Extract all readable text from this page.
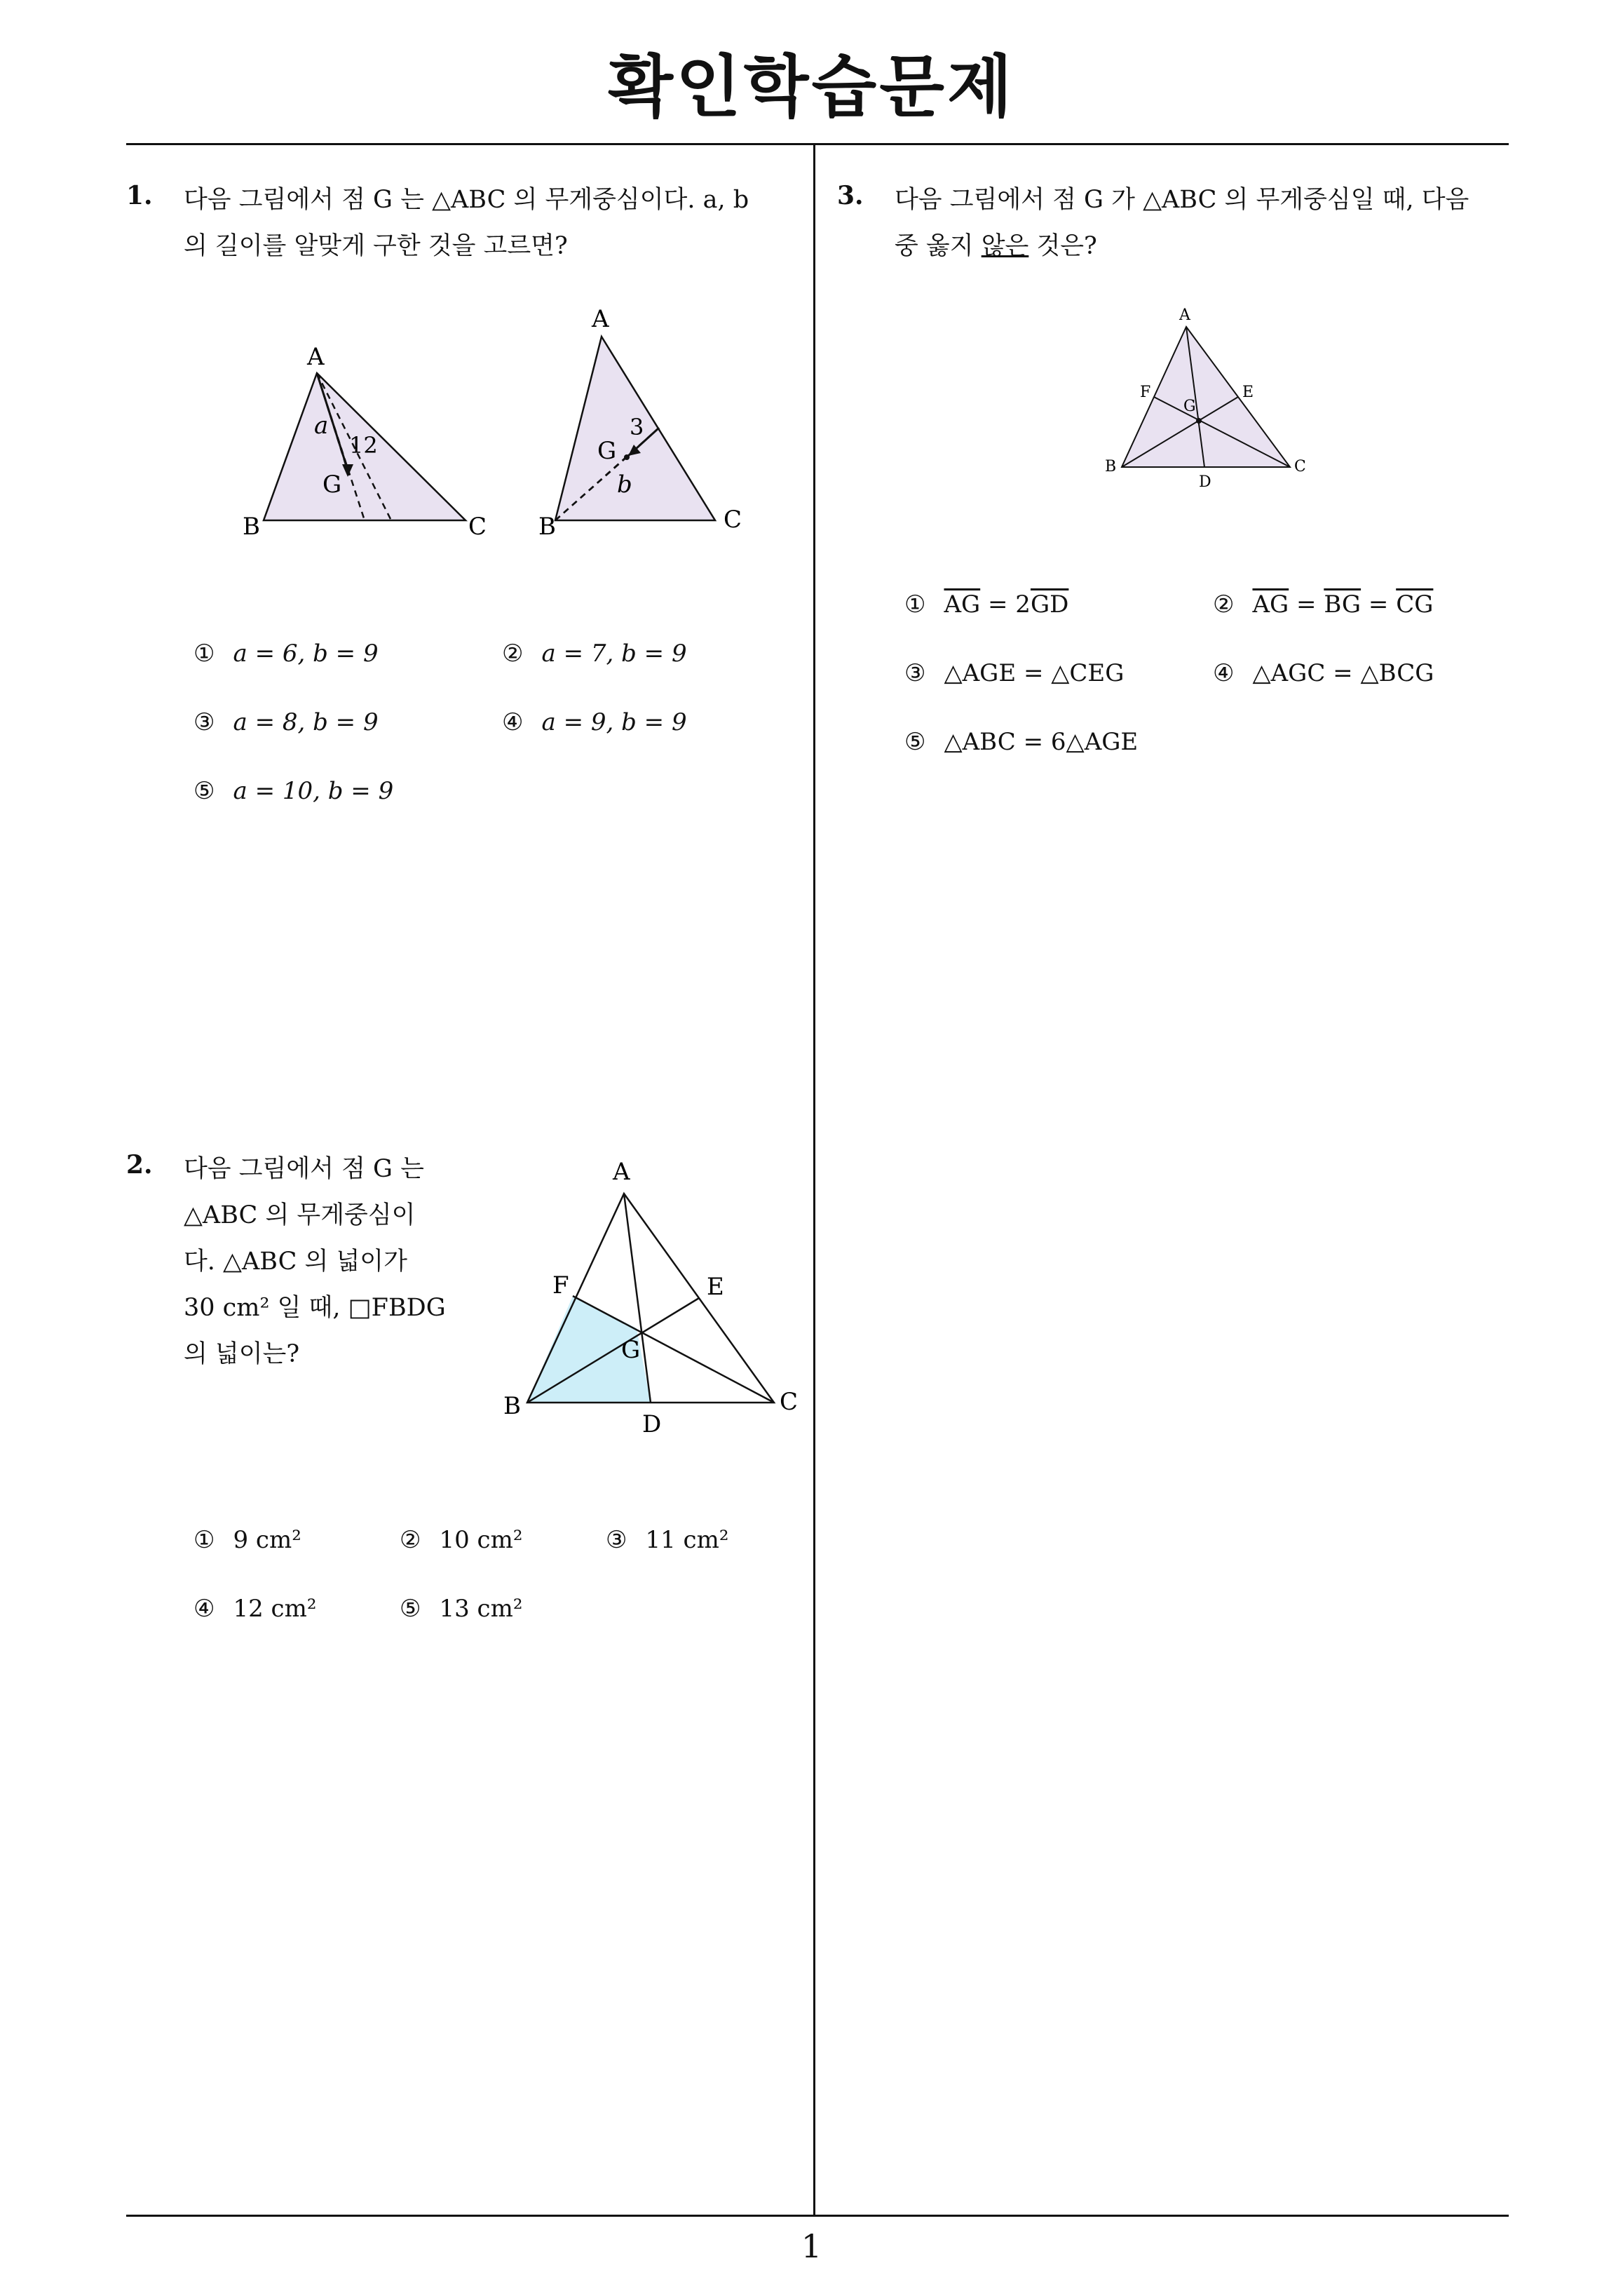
확인학습문제
1. 다음 그림에서 점 G 는 △ABC 의 무게중심이다. a, b
의 길이를 알맞게 구한 것을 고르면?
A
B	C
G
a
12
A
B	C
G
b
3
① a = 6, b = 9	② a = 7, b = 9
③ a = 8, b = 9	④ a = 9, b = 9
⑤ a = 10, b = 9
2. 다음 그림에서 점 G 는
△ABC 의 무게중심이
다. △ABC 의 넓이가
30 cm² 일 때, □FBDG
의 넓이는?
A
B	C
D
E
F
G
① 9 cm²	② 10 cm²	③ 11 cm²
④ 12 cm²	⑤ 13 cm²
3. 다음 그림에서 점 G 가 △ABC 의 무게중심일 때, 다음
중 옳지 않은 것은?
A
B	C
D
E
F
G
① $\overline{AG} = 2\overline{GD}$	② $\overline{AG} = \overline{BG} = \overline{CG}$
③ △AGE = △CEG	④ △AGC = △BCG
⑤ △ABC = 6△AGE
1
